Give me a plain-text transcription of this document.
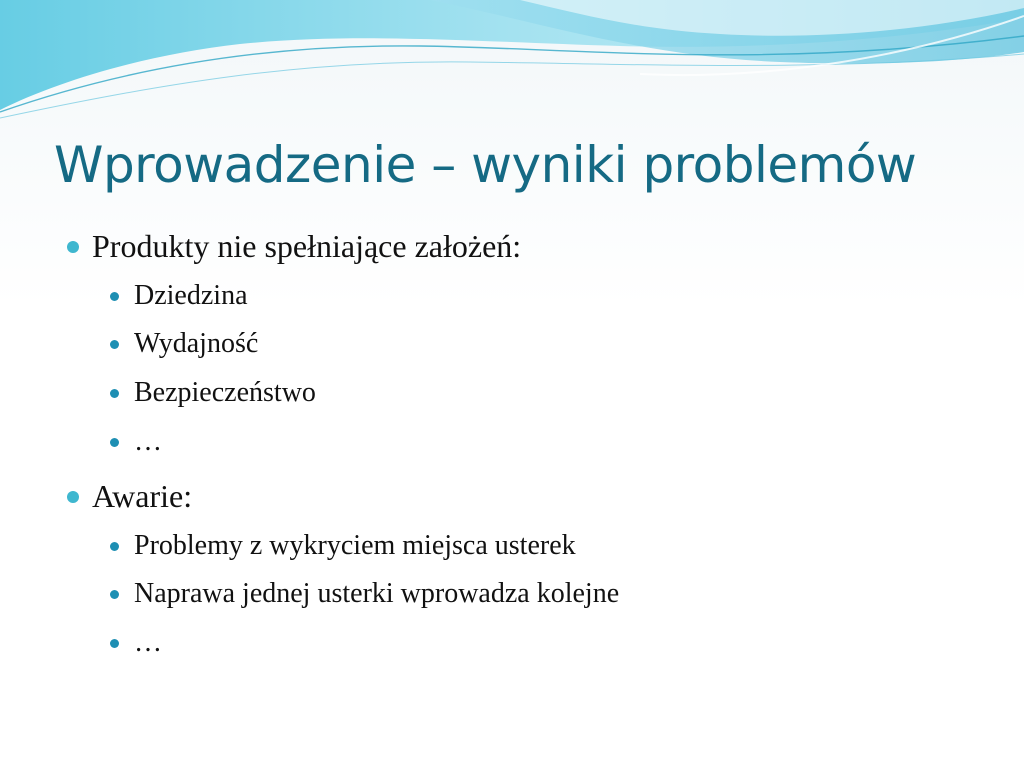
Wprowadzenie – wyniki problemów
Produkty nie spełniające założeń:
Dziedzina
Wydajność
Bezpieczeństwo
…
Awarie:
Problemy z wykryciem miejsca usterek
Naprawa jednej usterki wprowadza kolejne
…
